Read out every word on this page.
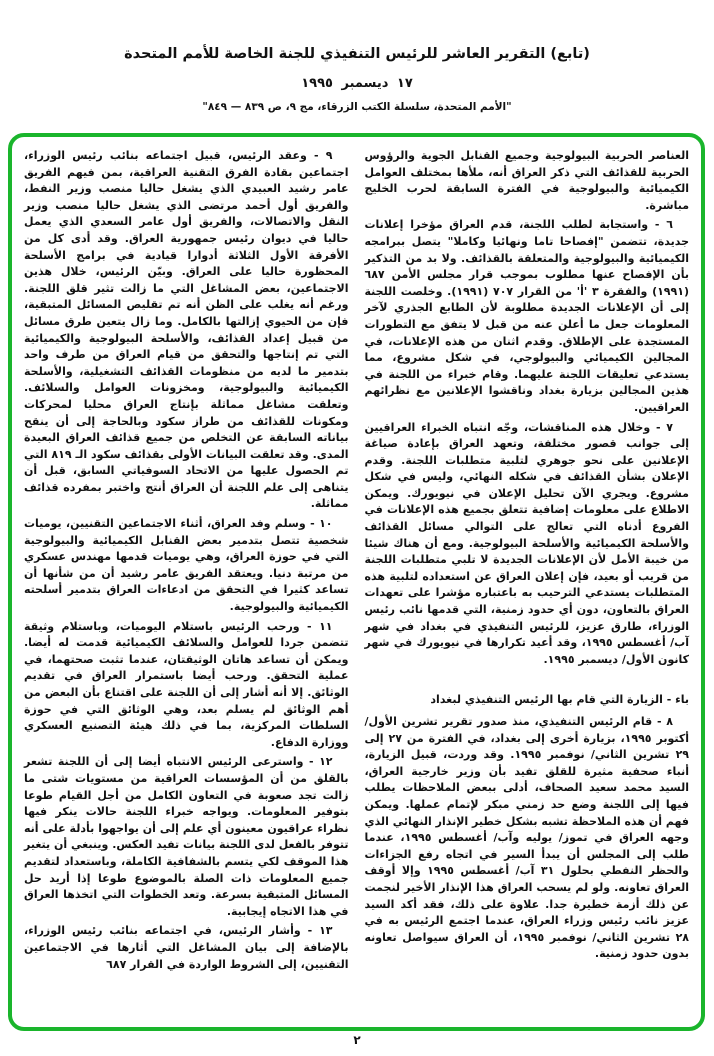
(تابع) التقرير العاشر للرئيس التنفيذي للجنة الخاصة للأمم المتحدة
١٧ ديسمبر ١٩٩٥
"الأمم المتحدة، سلسلة الكتب الزرقاء، مج ٩، ص ٨٣٩ — ٨٤٩"

العناصر الحربية البيولوجية وجميع القنابل الجوية والرؤوس الحربية للقذائف التي ذكر العراق أنه، ملأها بمختلف العوامل الكيميائية والبيولوجية في الفترة السابقة لحرب الخليج مباشرة.

٦ - واستجابة لطلب اللجنة، قدم العراق مؤخرا إعلانات جديدة، تتضمن "إفصاحا تاما ونهائيا وكاملا" يتصل ببرامجه الكيميائية والبيولوجية والمتعلقة بالقذائف. ولا بد من التذكير بأن الإفصاح عنها مطلوب بموجب قرار مجلس الأمن ٦٨٧ (١٩٩١) والفقرة ٣ 'أ' من القرار ٧٠٧ (١٩٩١). وخلصت اللجنة إلى أن الإعلانات الجديدة مطلوبة لأن الطابع الجذري لآخر المعلومات جعل ما أعلن عنه من قبل لا يتفق مع التطورات المستجدة على الإطلاق. وقدم اثنان من هذه الإعلانات، في المجالين الكيميائي والبيولوجي، في شكل مشروع، مما يستدعي تعليقات اللجنة عليهما. وقام خبراء من اللجنة في هذين المجالين بزيارة بغداد وناقشوا الإعلانين مع نظرائهم العراقيين.

٧ - وخلال هذه المناقشات، وجّه انتباه الخبراء العراقيين إلى جوانب قصور مختلفة، وتعهد العراق بإعادة صياغة الإعلانين على نحو جوهري لتلبية متطلبات اللجنة. وقدم الإعلان بشأن القذائف في شكله النهائي، وليس في شكل مشروع. ويجري الآن تحليل الإعلان في نيويورك. ويمكن الاطلاع على معلومات إضافية تتعلق بجميع هذه الإعلانات في الفروع أدناه التي تعالج على التوالي مسائل القذائف والأسلحة الكيميائية والأسلحة البيولوجية. ومع أن هناك شيئا من خيبة الأمل لأن الإعلانات الجديدة لا تلبي متطلبات اللجنة من قريب أو بعيد، فإن إعلان العراق عن استعداده لتلبية هذه المتطلبات يستدعي الترحيب به باعتباره مؤشرا على تعهدات العراق بالتعاون، دون أي حدود زمنية، التي قدمها نائب رئيس الوزراء، طارق عزيز، للرئيس التنفيذي في بغداد في شهر آب/ أغسطس ١٩٩٥، وقد أعيد تكرارها في نيويورك في شهر كانون الأول/ ديسمبر ١٩٩٥.

باء - الزيارة التي قام بها الرئيس التنفيذي لبغداد

٨ - قام الرئيس التنفيذي، منذ صدور تقرير تشرين الأول/ أكتوبر ١٩٩٥، بزيارة أخرى إلى بغداد، في الفترة من ٢٧ إلى ٢٩ تشرين الثاني/ نوفمبر ١٩٩٥. وقد وردت، قبيل الزيارة، أنباء صحفية مثيرة للقلق تفيد بأن وزير خارجية العراق، السيد محمد سعيد الصحاف، أدلى ببعض الملاحظات يطلب فيها إلى اللجنة وضع حد زمني مبكر لإتمام عملها. ويمكن فهم أن هذه الملاحظة تشبه بشكل خطير الإنذار النهائي الذي وجهه العراق في تموز/ يوليه وآب/ أغسطس ١٩٩٥، عندما طلب إلى المجلس أن يبدأ السير في اتجاه رفع الجزاءات والحظر النفطي بحلول ٣١ آب/ أغسطس ١٩٩٥ وإلا أوقف العراق تعاونه. ولو لم يسحب العراق هذا الإنذار الأخير لنجمت عن ذلك أزمة خطيرة جدا. علاوة على ذلك، فقد أكد السيد عزيز نائب رئيس وزراء العراق، عندما اجتمع الرئيس به في ٢٨ تشرين الثاني/ نوفمبر ١٩٩٥، أن العراق سيواصل تعاونه بدون حدود زمنية.

٩ - وعقد الرئيس، قبيل اجتماعه بنائب رئيس الوزراء، اجتماعين بقادة الفرق التقنية العراقية، بمن فيهم الفريق عامر رشيد العبيدي الذي يشغل حاليا منصب وزير النفط، والفريق أول أحمد مرتضى الذي يشغل حاليا منصب وزير النقل والاتصالات، والفريق أول عامر السعدي الذي يعمل حاليا في ديوان رئيس جمهورية العراق. وقد أدى كل من الأفرقة الأول الثلاثة أدوارا قيادية في برامج الأسلحة المحظورة حاليا على العراق. وبيّن الرئيس، خلال هذين الاجتماعين، بعض المشاغل التي ما زالت تثير قلق اللجنة. ورغم أنه يغلب على الظن أنه تم تقليص المسائل المتبقية، فإن من الحيوي إزالتها بالكامل. وما زال يتعين طرق مسائل من قبيل إعداد القذائف، والأسلحة البيولوجية والكيميائية التي تم إنتاجها والتحقق من قيام العراق من طرف واحد بتدمير ما لديه من منظومات القذائف التشغيلية، والأسلحة الكيميائية والبيولوجية، ومخزونات العوامل والسلائف. وتعلقت مشاغل مماثلة بإنتاج العراق محليا لمحركات ومكونات للقذائف من طراز سكود وبالحاجة إلى أن ينقح بياناته السابقة عن التخلص من جميع قذائف العراق البعيدة المدى. وقد تعلقت البيانات الأولى بقذائف سكود الـ ٨١٩ التي تم الحصول عليها من الاتحاد السوفياتي السابق، قبل أن يتناهى إلى علم اللجنة أن العراق أنتج واختبر بمفرده قذائف مماثلة.

١٠ - وسلم وفد العراق، أثناء الاجتماعين التقنيين، يوميات شخصية تتصل بتدمير بعض القنابل الكيميائية والبيولوجية التي في حوزة العراق، وهي يوميات قدمها مهندس عسكري من مرتبة دنيا. ويعتقد الفريق عامر رشيد أن من شأنها أن تساعد كثيرا في التحقق من ادعاءات العراق بتدمير أسلحته الكيميائية والبيولوجية.

١١ - ورحب الرئيس باستلام اليوميات، وباستلام وثيقة تتضمن جردا للعوامل والسلائف الكيميائية قدمت له أيضا. ويمكن أن تساعد هاتان الوثيقتان، عندما تثبت صحتهما، في عملية التحقق. ورحب أيضا باستمرار العراق في تقديم الوثائق. إلا أنه أشار إلى أن اللجنة على اقتناع بأن البعض من أهم الوثائق لم يسلم بعد، وهي الوثائق التي في حوزة السلطات المركزية، بما في ذلك هيئة التصنيع العسكري ووزارة الدفاع.

١٢ - واسترعى الرئيس الانتباه أيضا إلى أن اللجنة تشعر بالقلق من أن المؤسسات العراقية من مستويات شتى ما زالت تجد صعوبة في التعاون الكامل من أجل القيام طوعا بتوفير المعلومات. ويواجه خبراء اللجنة حالات ينكر فيها نظراء عراقيون معينون أي علم إلى أن يواجهوا بأدلة على أنه تتوفر بالفعل لدى اللجنة بيانات تفيد العكس. وينبغي أن يتغير هذا الموقف لكي يتسم بالشفافية الكاملة، وباستعداد لتقديم جميع المعلومات ذات الصلة بالموضوع طوعا إذا أريد حل المسائل المتبقية بسرعة. وتعد الخطوات التي اتخذها العراق في هذا الاتجاه إيجابية.

١٣ - وأشار الرئيس، في اجتماعه بنائب رئيس الوزراء، بالإضافة إلى بيان المشاغل التي أثارها في الاجتماعين التقنيين، إلى الشروط الواردة في القرار ٦٨٧

٢
